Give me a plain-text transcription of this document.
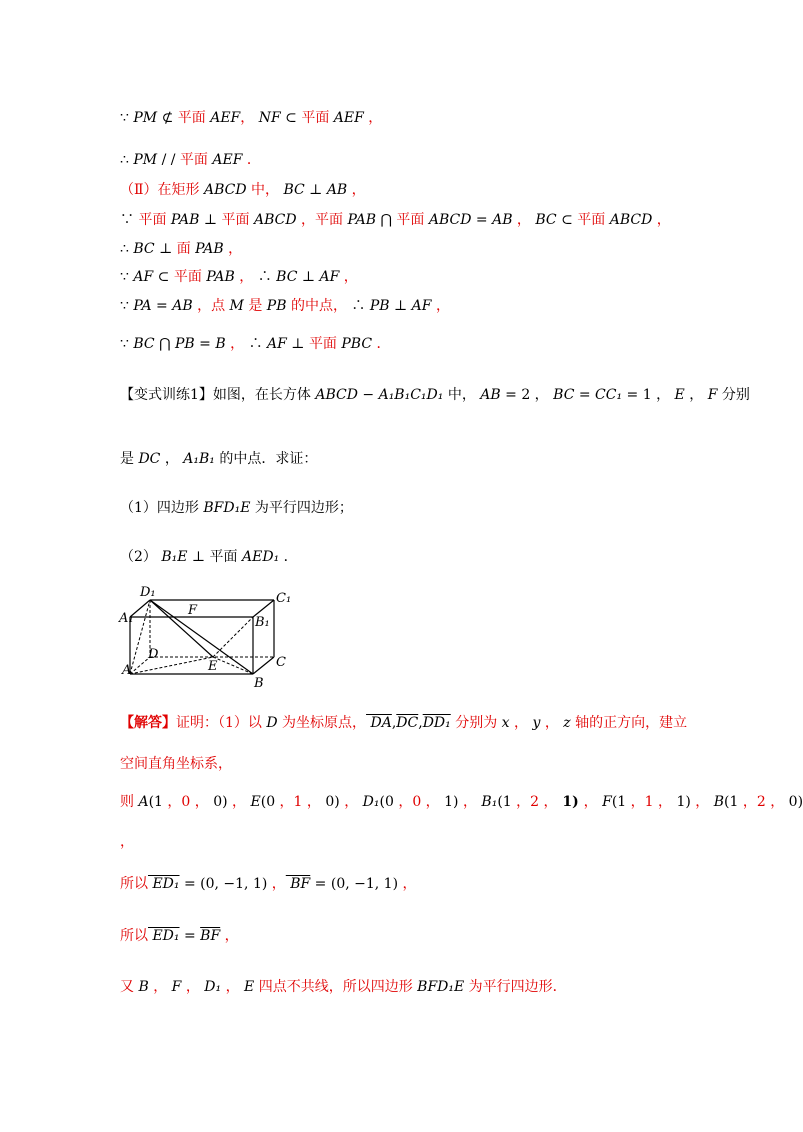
∵ PM ⊄ 平面 AEF， NF ⊂ 平面 AEF ，
∴ PM / / 平面 AEF ．
（Ⅱ）在矩形 ABCD 中， BC ⊥ AB ，
∵ 平面 PAB ⊥ 平面 ABCD ，平面 PAB ⋂ 平面 ABCD = AB ， BC ⊂ 平面 ABCD ，
∴ BC ⊥ 面 PAB ，
∵ AF ⊂ 平面 PAB ， ∴ BC ⊥ AF ，
∵ PA = AB ，点 M 是 PB 的中点， ∴ PB ⊥ AF ，
∵ BC ⋂ PB = B ， ∴ AF ⊥ 平面 PBC ．
【变式训练1】如图，在长方体 ABCD − A₁B₁C₁D₁ 中， AB = 2 ， BC = CC₁ = 1 ， E ， F 分别
是 DC ， A₁B₁ 的中点．求证：
（1）四边形 BFD₁E 为平行四边形；
（2） B₁E ⊥ 平面 AED₁ ．
D₁
F
C₁
A₁	B₁
D
E	C
A
B
【解答】证明：（1）以 D 为坐标原点， $DA,\overline{DC},DD_1$ 分别为 x ， y ， z 轴的正方向，建立
空间直角坐标系，
则 A(1 ，0 ， 0) ， E(0 ，1 ， 0) ， D₁(0 ，0 ， 1) ， B₁(1 ，2 ， 1) ， F(1 ，1 ， 1) ， B(1 ，2 ， 0)
，
所以 ED₁ = (0, −1, 1) ， BF = (0, −1, 1) ，
所以 $ED_1 = \overline{BF}$ ，
又 B ， F ， D₁ ， E 四点不共线，所以四边形 BFD₁E 为平行四边形．
